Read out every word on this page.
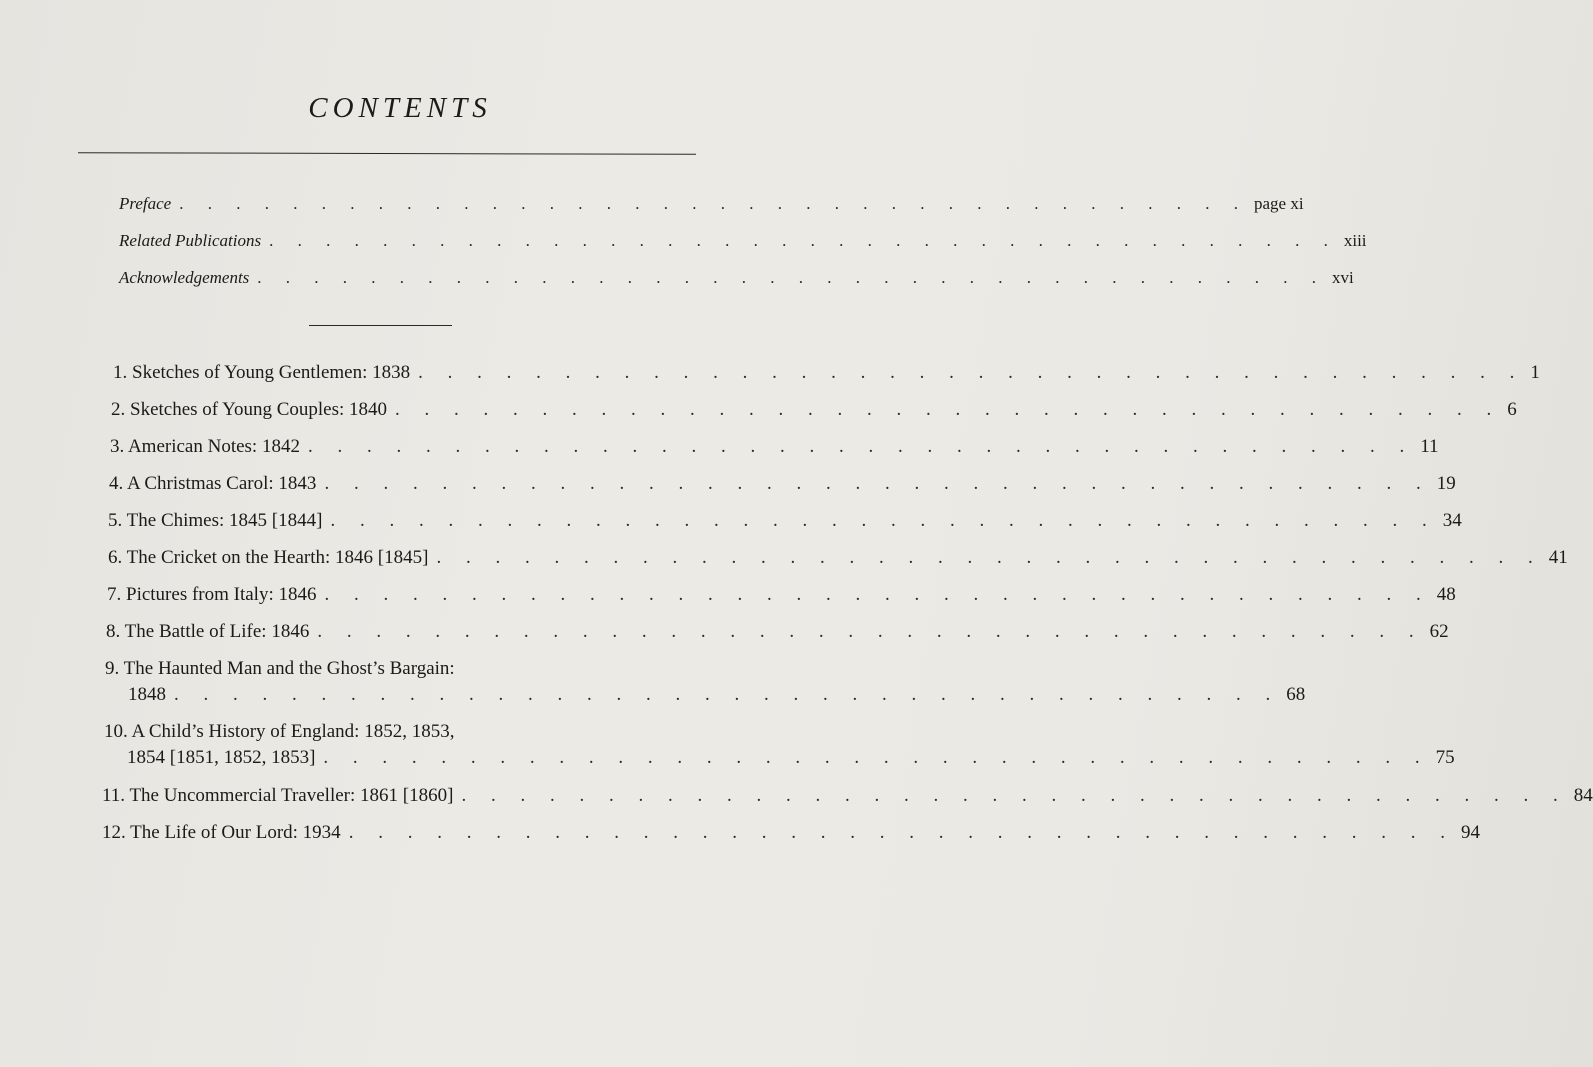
CONTENTS
Preface . . . . . . . . . . . . . . . . . . . . . . . . . . . . . . . . . . . . . . page xi
Related Publications . . . . . . . . . . . . . . . . . . . . . . . . . . . . . . . . . . . . . . xiii
Acknowledgements . . . . . . . . . . . . . . . . . . . . . . . . . . . . . . . . . . . . . . xvi
1. Sketches of Young Gentlemen: 1838 . . . . . . . . . . . . . . . . . . . . . . . . . . . . . . . . . . . . . . 1
2. Sketches of Young Couples: 1840 . . . . . . . . . . . . . . . . . . . . . . . . . . . . . . . . . . . . . . 6
3. American Notes: 1842 . . . . . . . . . . . . . . . . . . . . . . . . . . . . . . . . . . . . . . 11
4. A Christmas Carol: 1843 . . . . . . . . . . . . . . . . . . . . . . . . . . . . . . . . . . . . . . 19
5. The Chimes: 1845 [1844] . . . . . . . . . . . . . . . . . . . . . . . . . . . . . . . . . . . . . . 34
6. The Cricket on the Hearth: 1846 [1845] . . . . . . . . . . . . . . . . . . . . . . . . . . . . . . . . . . . . . . 41
7. Pictures from Italy: 1846 . . . . . . . . . . . . . . . . . . . . . . . . . . . . . . . . . . . . . . 48
8. The Battle of Life: 1846 . . . . . . . . . . . . . . . . . . . . . . . . . . . . . . . . . . . . . . 62
9. The Haunted Man and the Ghost’s Bargain:
1848 . . . . . . . . . . . . . . . . . . . . . . . . . . . . . . . . . . . . . . 68
10. A Child’s History of England: 1852, 1853,
1854 [1851, 1852, 1853] . . . . . . . . . . . . . . . . . . . . . . . . . . . . . . . . . . . . . . 75
11. The Uncommercial Traveller: 1861 [1860] . . . . . . . . . . . . . . . . . . . . . . . . . . . . . . . . . . . . . . 84
12. The Life of Our Lord: 1934 . . . . . . . . . . . . . . . . . . . . . . . . . . . . . . . . . . . . . . 94
